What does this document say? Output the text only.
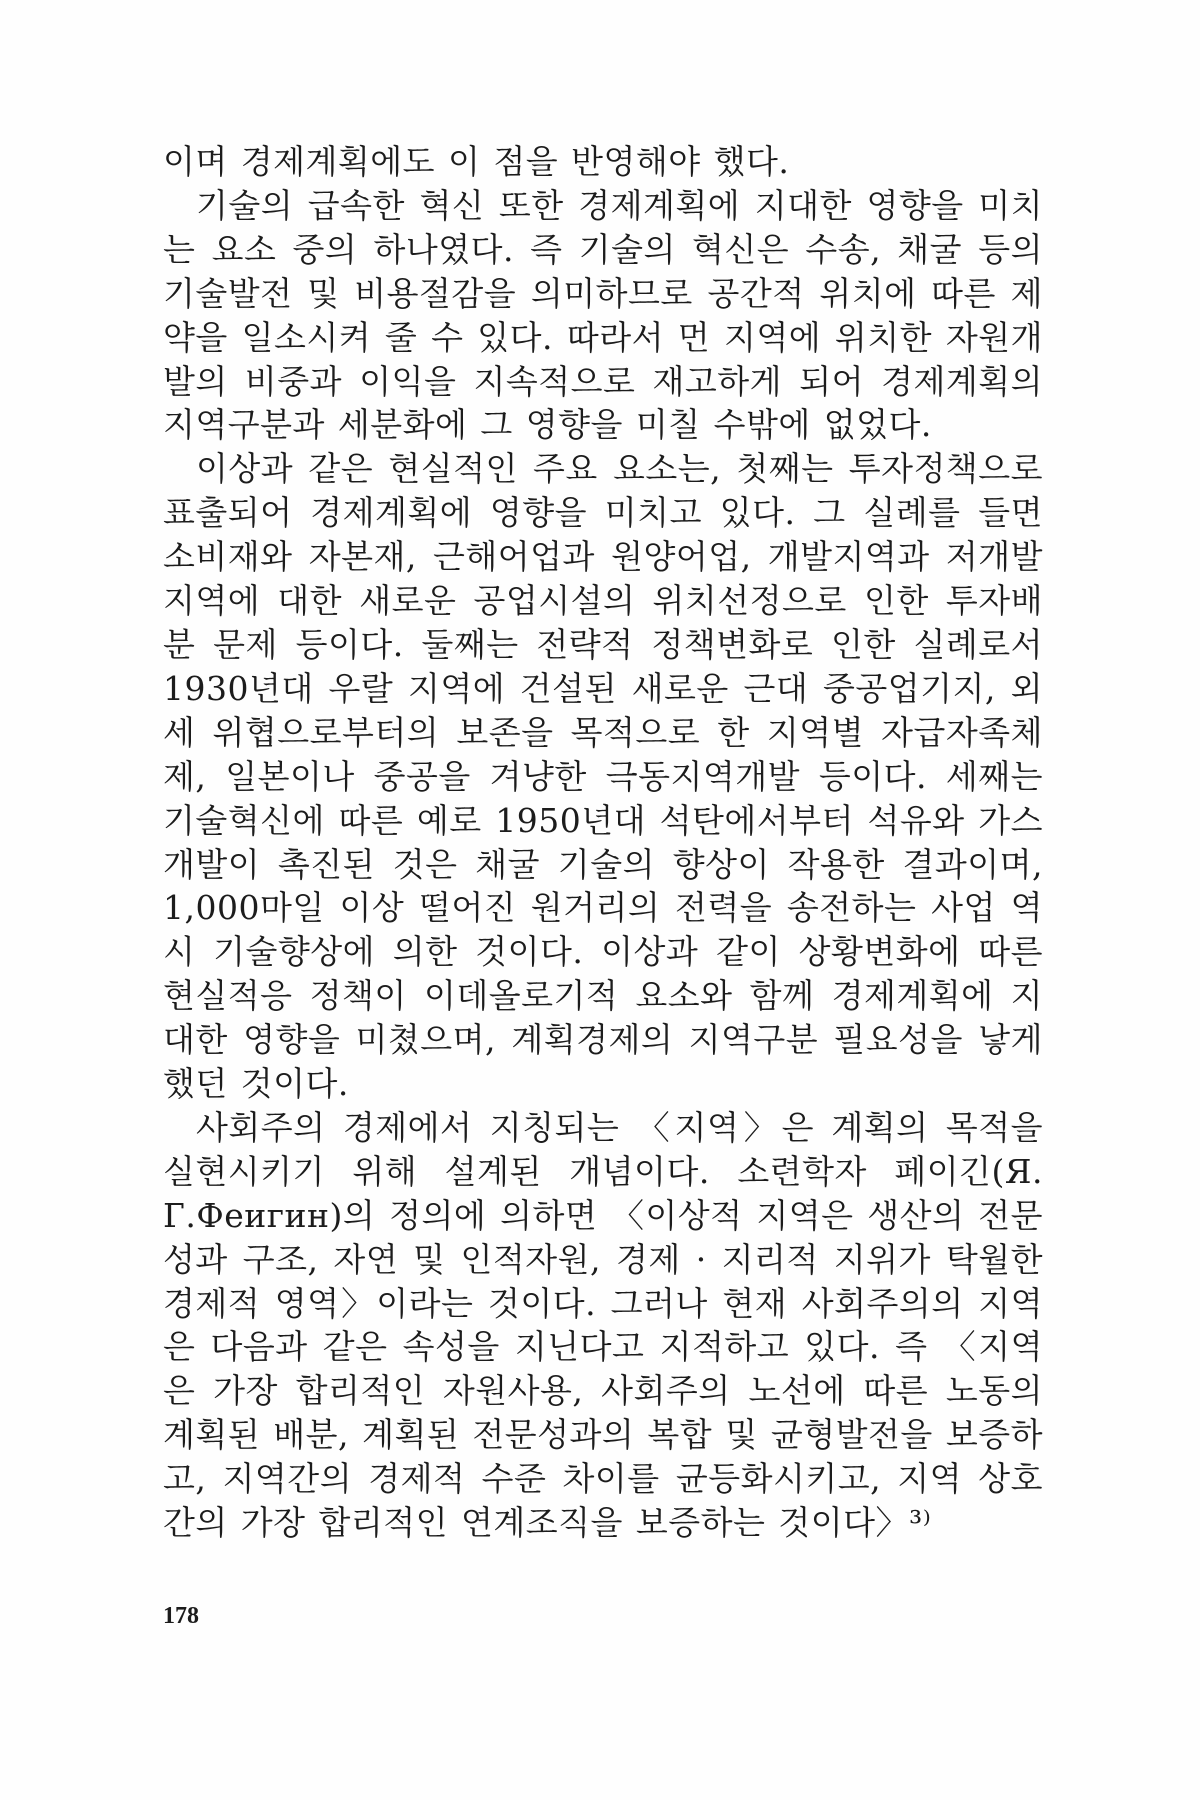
이며 경제계획에도 이 점을 반영해야 했다.

기술의 급속한 혁신 또한 경제계획에 지대한 영향을 미치는 요소 중의 하나였다. 즉 기술의 혁신은 수송, 채굴 등의 기술발전 및 비용절감을 의미하므로 공간적 위치에 따른 제약을 일소시켜 줄 수 있다. 따라서 먼 지역에 위치한 자원개발의 비중과 이익을 지속적으로 재고하게 되어 경제계획의 지역구분과 세분화에 그 영향을 미칠 수밖에 없었다.

이상과 같은 현실적인 주요 요소는, 첫째는 투자정책으로 표출되어 경제계획에 영향을 미치고 있다. 그 실례를 들면 소비재와 자본재, 근해어업과 원양어업, 개발지역과 저개발지역에 대한 새로운 공업시설의 위치선정으로 인한 투자배분 문제 등이다. 둘째는 전략적 정책변화로 인한 실례로서 1930년대 우랄 지역에 건설된 새로운 근대 중공업기지, 외세 위협으로부터의 보존을 목적으로 한 지역별 자급자족체제, 일본이나 중공을 겨냥한 극동지역개발 등이다. 세째는 기술혁신에 따른 예로 1950년대 석탄에서부터 석유와 가스 개발이 촉진된 것은 채굴 기술의 향상이 작용한 결과이며, 1,000마일 이상 떨어진 원거리의 전력을 송전하는 사업 역시 기술향상에 의한 것이다. 이상과 같이 상황변화에 따른 현실적응 정책이 이데올로기적 요소와 함께 경제계획에 지대한 영향을 미쳤으며, 계획경제의 지역구분 필요성을 낳게 했던 것이다.

사회주의 경제에서 지칭되는 〈지역〉은 계획의 목적을 실현시키기 위해 설계된 개념이다. 소련학자 페이긴(Я. Г.Фeигин)의 정의에 의하면 〈이상적 지역은 생산의 전문성과 구조, 자연 및 인적자원, 경제 · 지리적 지위가 탁월한 경제적 영역〉이라는 것이다. 그러나 현재 사회주의의 지역은 다음과 같은 속성을 지닌다고 지적하고 있다. 즉 〈지역은 가장 합리적인 자원사용, 사회주의 노선에 따른 노동의 계획된 배분, 계획된 전문성과의 복합 및 균형발전을 보증하고, 지역간의 경제적 수준 차이를 균등화시키고, 지역 상호간의 가장 합리적인 연계조직을 보증하는 것이다〉³⁾

178
